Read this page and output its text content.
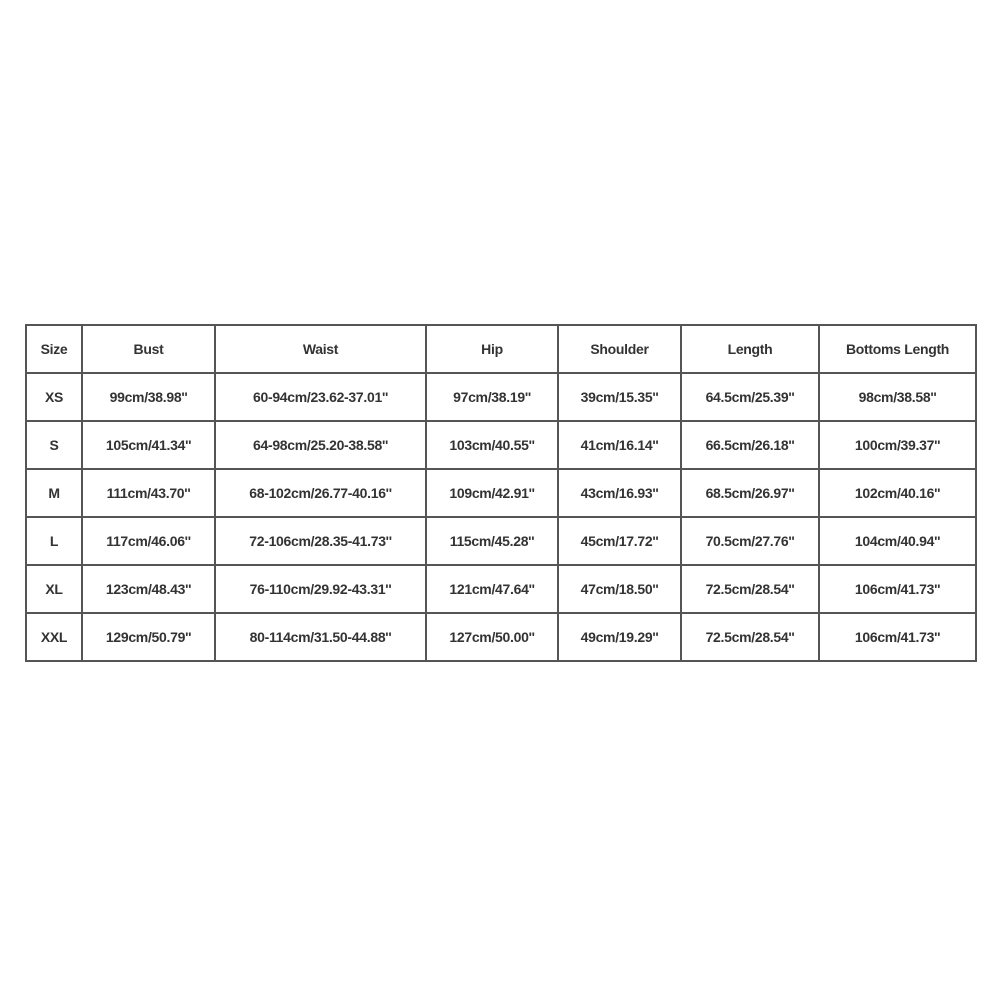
Size	Bust	Waist	Hip	Shoulder	Length	Bottoms Length
XS	99cm/38.98''	60-94cm/23.62-37.01''	97cm/38.19''	39cm/15.35''	64.5cm/25.39''	98cm/38.58''
S	105cm/41.34''	64-98cm/25.20-38.58''	103cm/40.55''	41cm/16.14''	66.5cm/26.18''	100cm/39.37''
M	111cm/43.70''	68-102cm/26.77-40.16''	109cm/42.91''	43cm/16.93''	68.5cm/26.97''	102cm/40.16''
L	117cm/46.06''	72-106cm/28.35-41.73''	115cm/45.28''	45cm/17.72''	70.5cm/27.76''	104cm/40.94''
XL	123cm/48.43''	76-110cm/29.92-43.31''	121cm/47.64''	47cm/18.50''	72.5cm/28.54''	106cm/41.73''
XXL	129cm/50.79''	80-114cm/31.50-44.88''	127cm/50.00''	49cm/19.29''	72.5cm/28.54''	106cm/41.73''
